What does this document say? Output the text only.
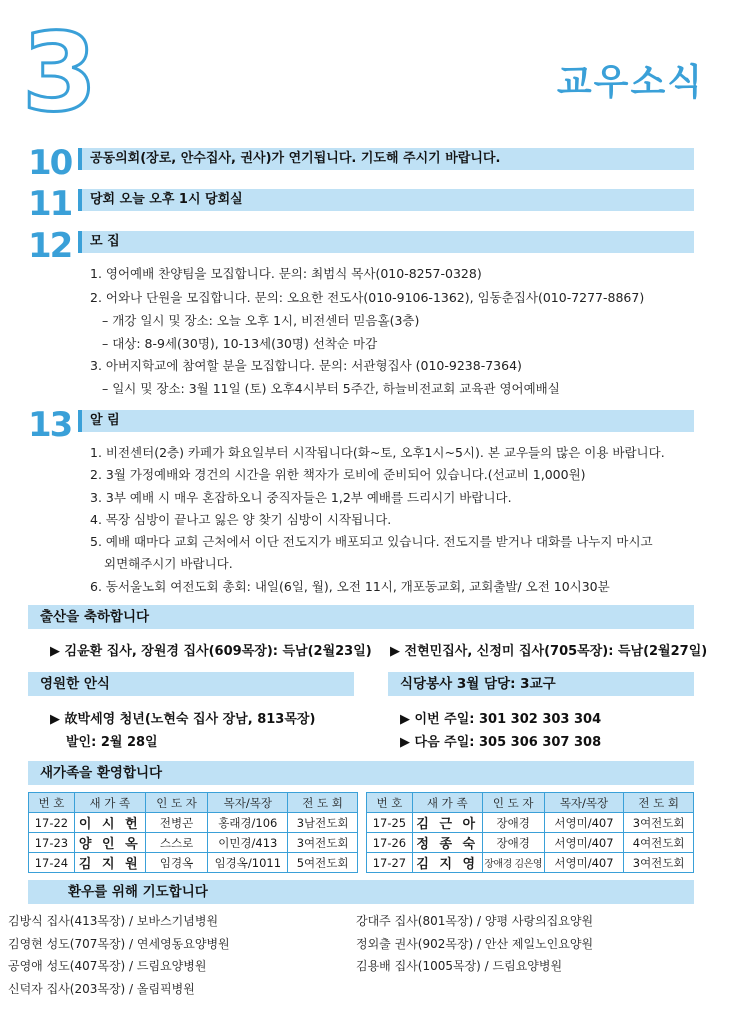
3	교우소식
10	공동의회(장로, 안수집사, 권사)가 연기됩니다. 기도해 주시기 바랍니다.
11	당회 오늘 오후 1시 당회실
12	모 집
1. 영어예배 찬양팀을 모집합니다. 문의: 최범식 목사(010-8257-0328)
2. 어와나 단원을 모집합니다. 문의: 오요한 전도사(010-9106-1362), 임동춘집사(010-7277-8867)
– 개강 일시 및 장소: 오늘 오후 1시, 비전센터 믿음홀(3층)
– 대상: 8-9세(30명), 10-13세(30명) 선착순 마감
3. 아버지학교에 참여할 분을 모집합니다. 문의: 서관형집사 (010-9238-7364)
– 일시 및 장소: 3월 11일 (토) 오후4시부터 5주간, 하늘비전교회 교육관 영어예배실
13	알 림
1. 비전센터(2층) 카페가 화요일부터 시작됩니다(화~토, 오후1시~5시). 본 교우들의 많은 이용 바랍니다.
2. 3월 가정예배와 경건의 시간을 위한 책자가 로비에 준비되어 있습니다.(선교비 1,000원)
3. 3부 예배 시 매우 혼잡하오니 중직자들은 1,2부 예배를 드리시기 바랍니다.
4. 목장 심방이 끝나고 잃은 양 찾기 심방이 시작됩니다.
5. 예배 때마다 교회 근처에서 이단 전도지가 배포되고 있습니다. 전도지를 받거나 대화를 나누지 마시고
외면해주시기 바랍니다.
6. 동서울노회 여전도회 총회: 내일(6일, 월), 오전 11시, 개포동교회, 교회출발/ 오전 10시30분
출산을 축하합니다
▶ 김윤환 집사, 장원경 집사(609목장): 득남(2월23일) ▶ 전현민집사, 신정미 집사(705목장): 득남(2월27일)
영원한 안식	식당봉사 3월 담당: 3교구
▶ 故박세영 청년(노현숙 집사 장남, 813목장)
발인: 2월 28일
▶ 이번 주일: 301 302 303 304
▶ 다음 주일: 305 306 307 308
새가족을 환영합니다
번 호	새 가 족	인 도 자	목자/목장	전 도 회
17-22	이 시 헌	전병곤	홍래경/106	3남전도회
17-23	양 인 옥	스스로	이민경/413	3여전도회
17-24	김 지 원	임경옥	임경옥/1011	5여전도회
번 호	새 가 족	인 도 자	목자/목장	전 도 회
17-25	김 근 아	장애경	서영미/407	3여전도회
17-26	정 종 숙	장애경	서영미/407	4여전도회
17-27	김 지 영	장애경 김은영	서영미/407	3여전도회
환우를 위해 기도합니다
김방식 집사(413목장) / 보바스기념병원
김영현 성도(707목장) / 연세영동요양병원
공영애 성도(407목장) / 드림요양병원
신덕자 집사(203목장) / 올림픽병원
강대주 집사(801목장) / 양평 사랑의집요양원
정외출 권사(902목장) / 안산 제일노인요양원
김용배 집사(1005목장) / 드림요양병원
